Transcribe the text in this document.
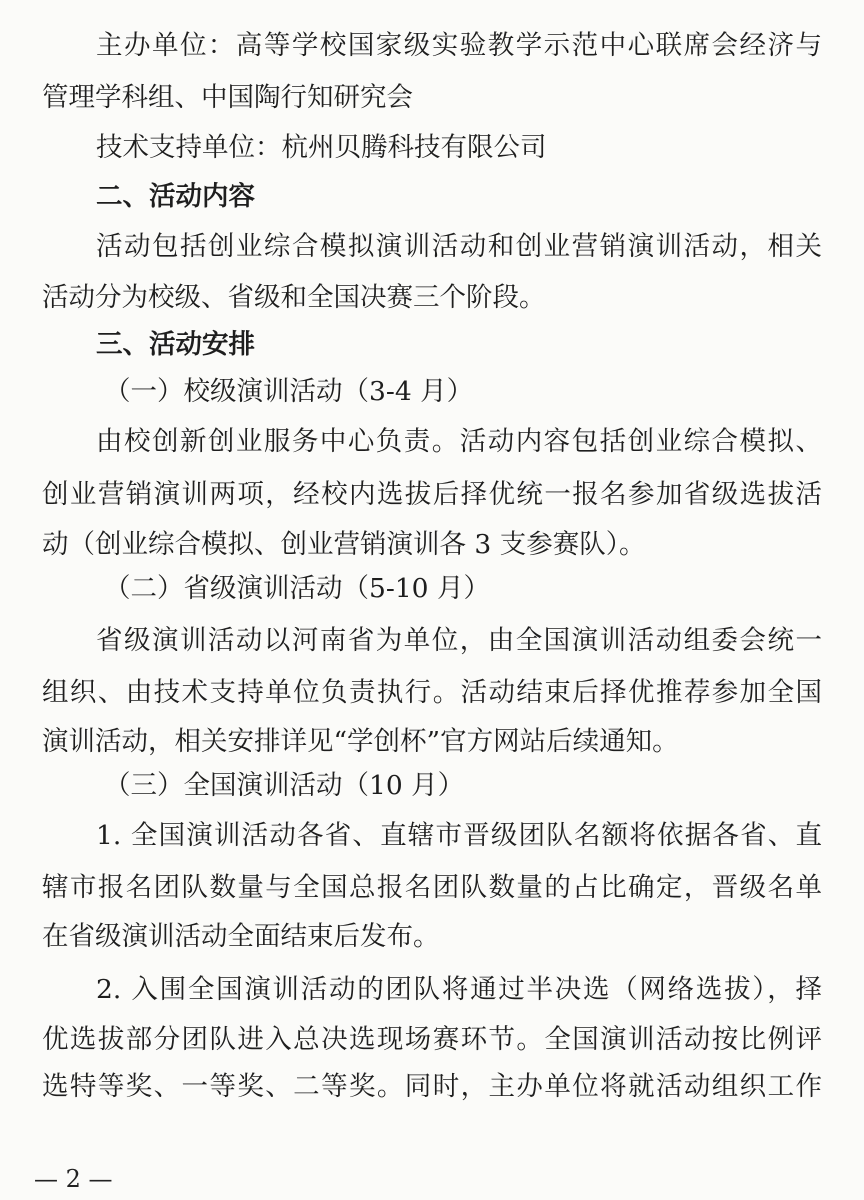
主办单位：高等学校国家级实验教学示范中心联席会经济与
管理学科组、中国陶行知研究会
技术支持单位：杭州贝腾科技有限公司
二、活动内容
活动包括创业综合模拟演训活动和创业营销演训活动，相关
活动分为校级、省级和全国决赛三个阶段。
三、活动安排
（一）校级演训活动（3-4 月）
由校创新创业服务中心负责。活动内容包括创业综合模拟、
创业营销演训两项，经校内选拔后择优统一报名参加省级选拔活
动（创业综合模拟、创业营销演训各 3 支参赛队）。
（二）省级演训活动（5-10 月）
省级演训活动以河南省为单位，由全国演训活动组委会统一
组织、由技术支持单位负责执行。活动结束后择优推荐参加全国
演训活动，相关安排详见“学创杯”官方网站后续通知。
（三）全国演训活动（10 月）
1. 全国演训活动各省、直辖市晋级团队名额将依据各省、直
辖市报名团队数量与全国总报名团队数量的占比确定，晋级名单
在省级演训活动全面结束后发布。
2. 入围全国演训活动的团队将通过半决选（网络选拔），择
优选拔部分团队进入总决选现场赛环节。全国演训活动按比例评
选特等奖、一等奖、二等奖。同时，主办单位将就活动组织工作
— 2 —
